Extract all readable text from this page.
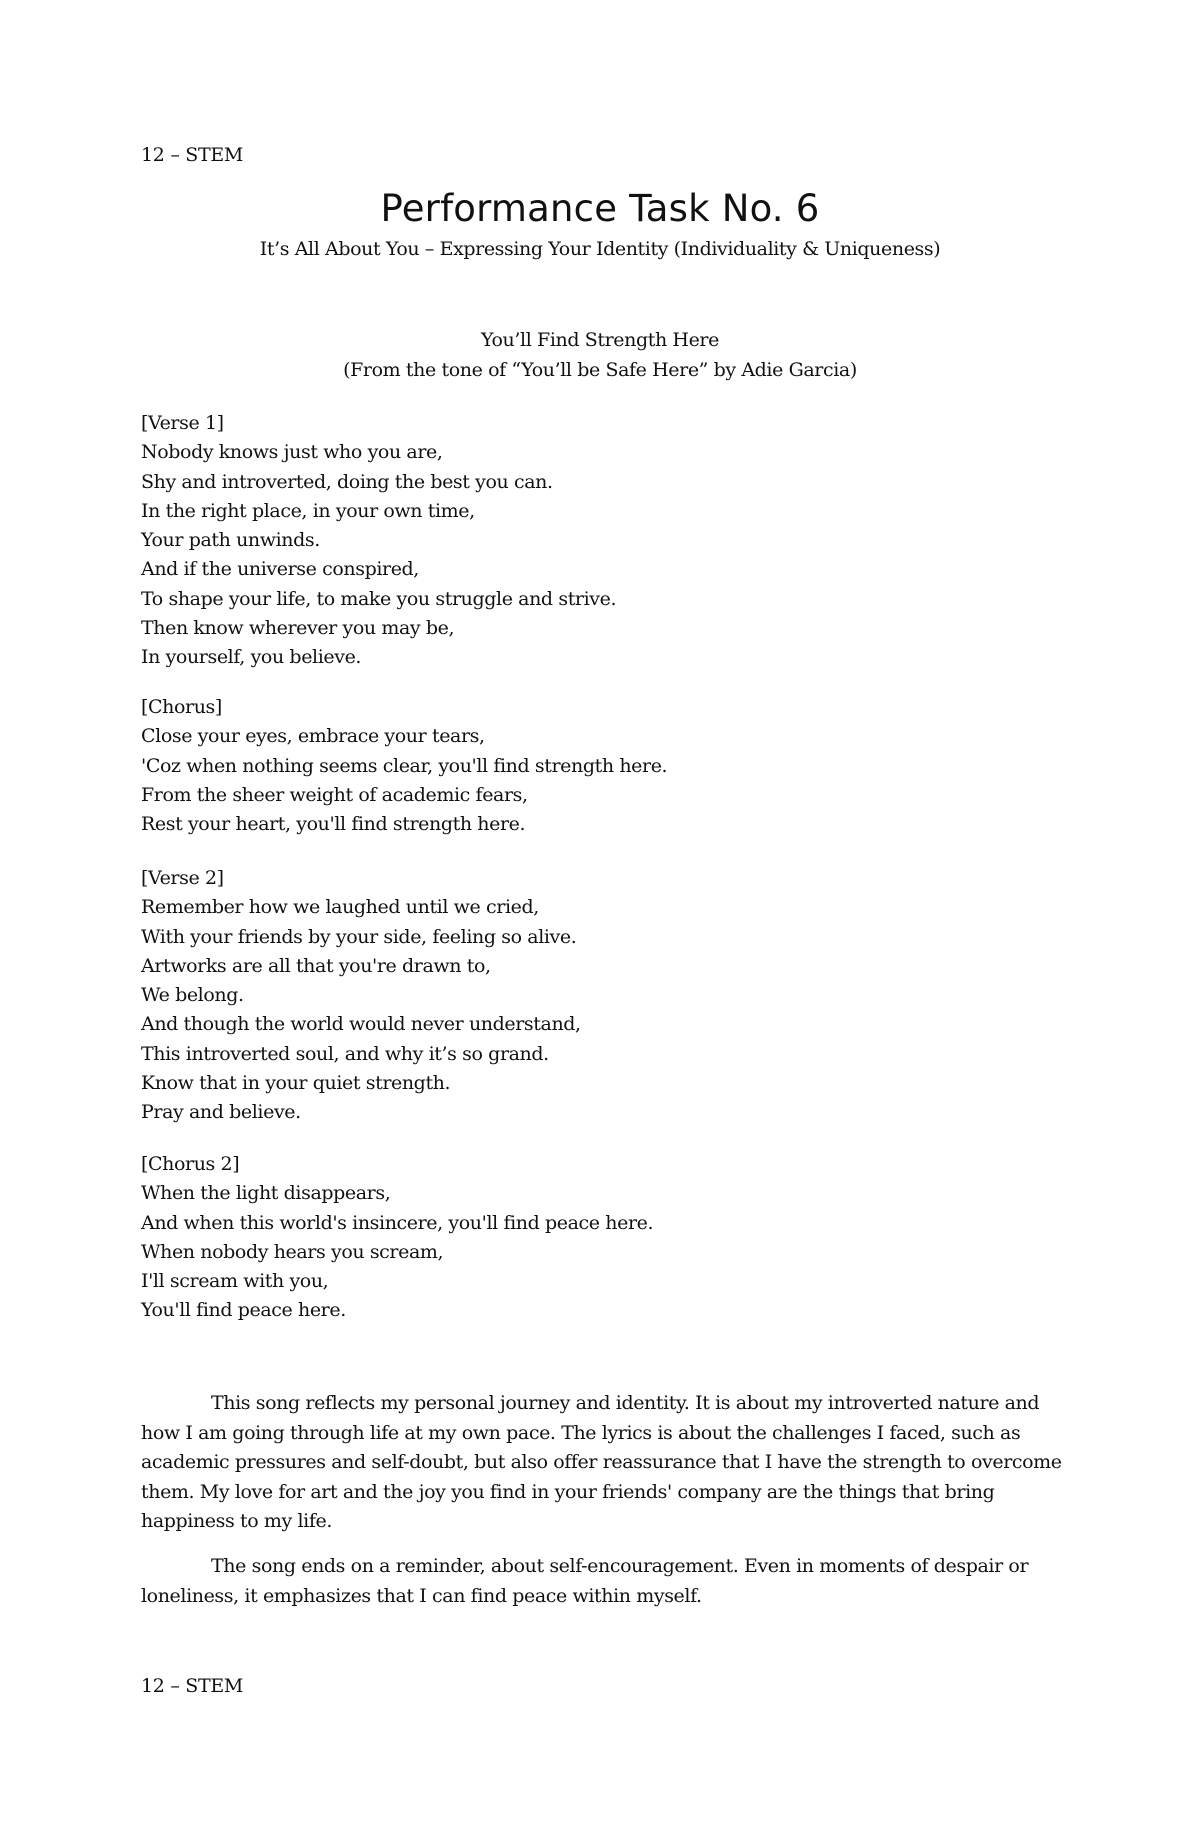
12 – STEM
Performance Task No. 6
It’s All About You – Expressing Your Identity (Individuality & Uniqueness)
You’ll Find Strength Here
(From the tone of “You’ll be Safe Here” by Adie Garcia)
[Verse 1]
Nobody knows just who you are,
Shy and introverted, doing the best you can.
In the right place, in your own time,
Your path unwinds.
And if the universe conspired,
To shape your life, to make you struggle and strive.
Then know wherever you may be,
In yourself, you believe.
[Chorus]
Close your eyes, embrace your tears,
'Coz when nothing seems clear, you'll find strength here.
From the sheer weight of academic fears,
Rest your heart, you'll find strength here.
[Verse 2]
Remember how we laughed until we cried,
With your friends by your side, feeling so alive.
Artworks are all that you're drawn to,
We belong.
And though the world would never understand,
This introverted soul, and why it’s so grand.
Know that in your quiet strength.
Pray and believe.
[Chorus 2]
When the light disappears,
And when this world's insincere, you'll find peace here.
When nobody hears you scream,
I'll scream with you,
You'll find peace here.

This song reflects my personal journey and identity. It is about my introverted nature and how I am going through life at my own pace. The lyrics is about the challenges I faced, such as academic pressures and self-doubt, but also offer reassurance that I have the strength to overcome them. My love for art and the joy you find in your friends' company are the things that bring happiness to my life.

The song ends on a reminder, about self-encouragement. Even in moments of despair or loneliness, it emphasizes that I can find peace within myself.

12 – STEM
